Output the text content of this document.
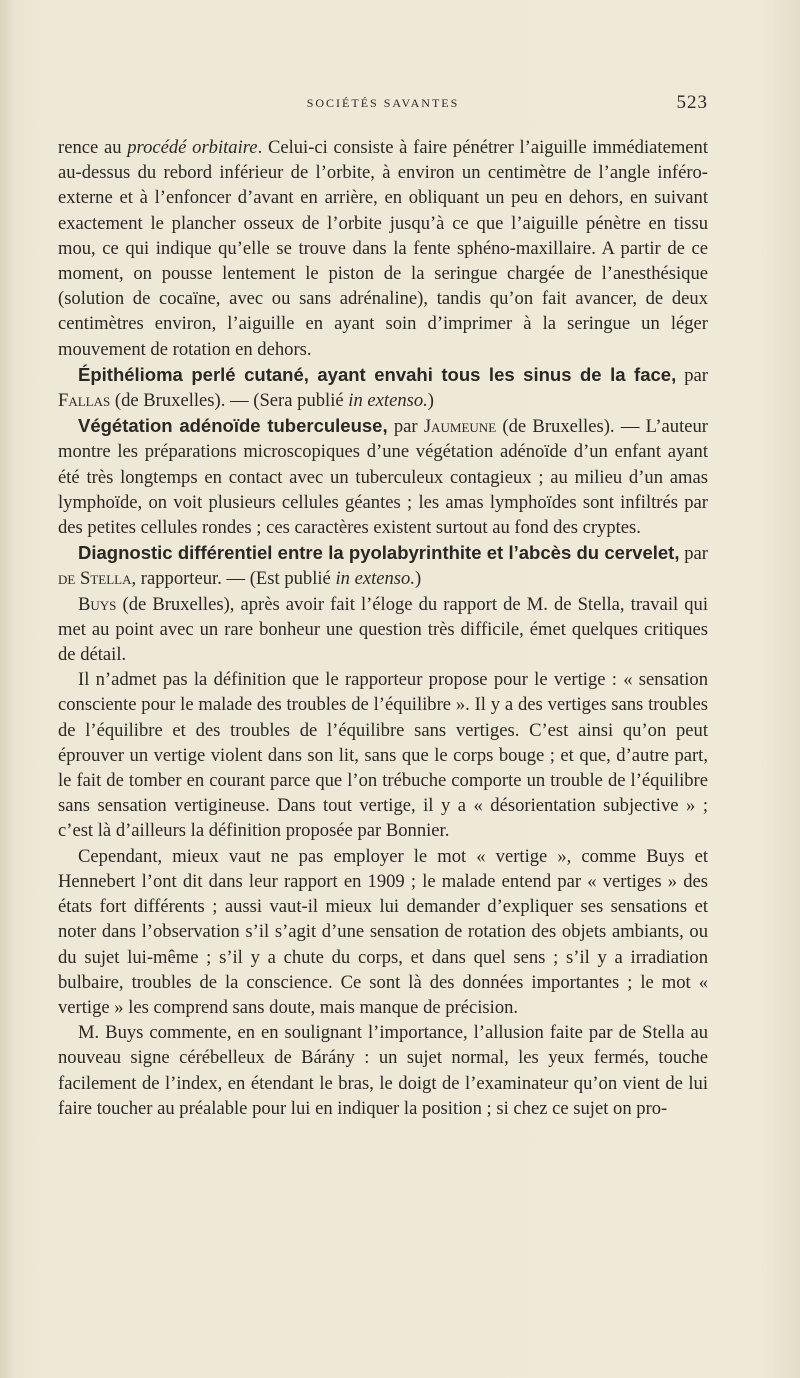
SOCIÉTÉS SAVANTES	523

rence au procédé orbitaire. Celui-ci consiste à faire pénétrer l’aiguille immédiatement au-dessus du rebord inférieur de l’orbite, à environ un centimètre de l’angle inféro-externe et à l’enfoncer d’avant en arrière, en obliquant un peu en dehors, en suivant exactement le plancher osseux de l’orbite jusqu’à ce que l’aiguille pénètre en tissu mou, ce qui indique qu’elle se trouve dans la fente sphéno-maxillaire. A partir de ce moment, on pousse lentement le piston de la seringue chargée de l’anesthésique (solution de cocaïne, avec ou sans adrénaline), tandis qu’on fait avancer, de deux centimètres environ, l’aiguille en ayant soin d’imprimer à la seringue un léger mouvement de rotation en dehors.

Épithélioma perlé cutané, ayant envahi tous les sinus de la face, par Fallas (de Bruxelles). — (Sera publié in extenso.)

Végétation adénoïde tuberculeuse, par Jaumeune (de Bruxelles). — L’auteur montre les préparations microscopiques d’une végétation adénoïde d’un enfant ayant été très longtemps en contact avec un tuberculeux contagieux ; au milieu d’un amas lymphoïde, on voit plusieurs cellules géantes ; les amas lymphoïdes sont infiltrés par des petites cellules rondes ; ces caractères existent surtout au fond des cryptes.

Diagnostic différentiel entre la pyolabyrinthite et l’abcès du cervelet, par de Stella, rapporteur. — (Est publié in extenso.)

Buys (de Bruxelles), après avoir fait l’éloge du rapport de M. de Stella, travail qui met au point avec un rare bonheur une question très difficile, émet quelques critiques de détail.

Il n’admet pas la définition que le rapporteur propose pour le vertige : « sensation consciente pour le malade des troubles de l’équilibre ». Il y a des vertiges sans troubles de l’équilibre et des troubles de l’équilibre sans vertiges. C’est ainsi qu’on peut éprouver un vertige violent dans son lit, sans que le corps bouge ; et que, d’autre part, le fait de tomber en courant parce que l’on trébuche comporte un trouble de l’équilibre sans sensation vertigineuse. Dans tout vertige, il y a « désorientation subjective » ; c’est là d’ailleurs la définition proposée par Bonnier.

Cependant, mieux vaut ne pas employer le mot « vertige », comme Buys et Hennebert l’ont dit dans leur rapport en 1909 ; le malade entend par « vertiges » des états fort différents ; aussi vaut-il mieux lui demander d’expliquer ses sensations et noter dans l’observation s’il s’agit d’une sensation de rotation des objets ambiants, ou du sujet lui-même ; s’il y a chute du corps, et dans quel sens ; s’il y a irradiation bulbaire, troubles de la conscience. Ce sont là des données importantes ; le mot « vertige » les comprend sans doute, mais manque de précision.

M. Buys commente, en en soulignant l’importance, l’allusion faite par de Stella au nouveau signe cérébelleux de Bárány : un sujet normal, les yeux fermés, touche facilement de l’index, en étendant le bras, le doigt de l’examinateur qu’on vient de lui faire toucher au préalable pour lui en indiquer la position ; si chez ce sujet on pro-
